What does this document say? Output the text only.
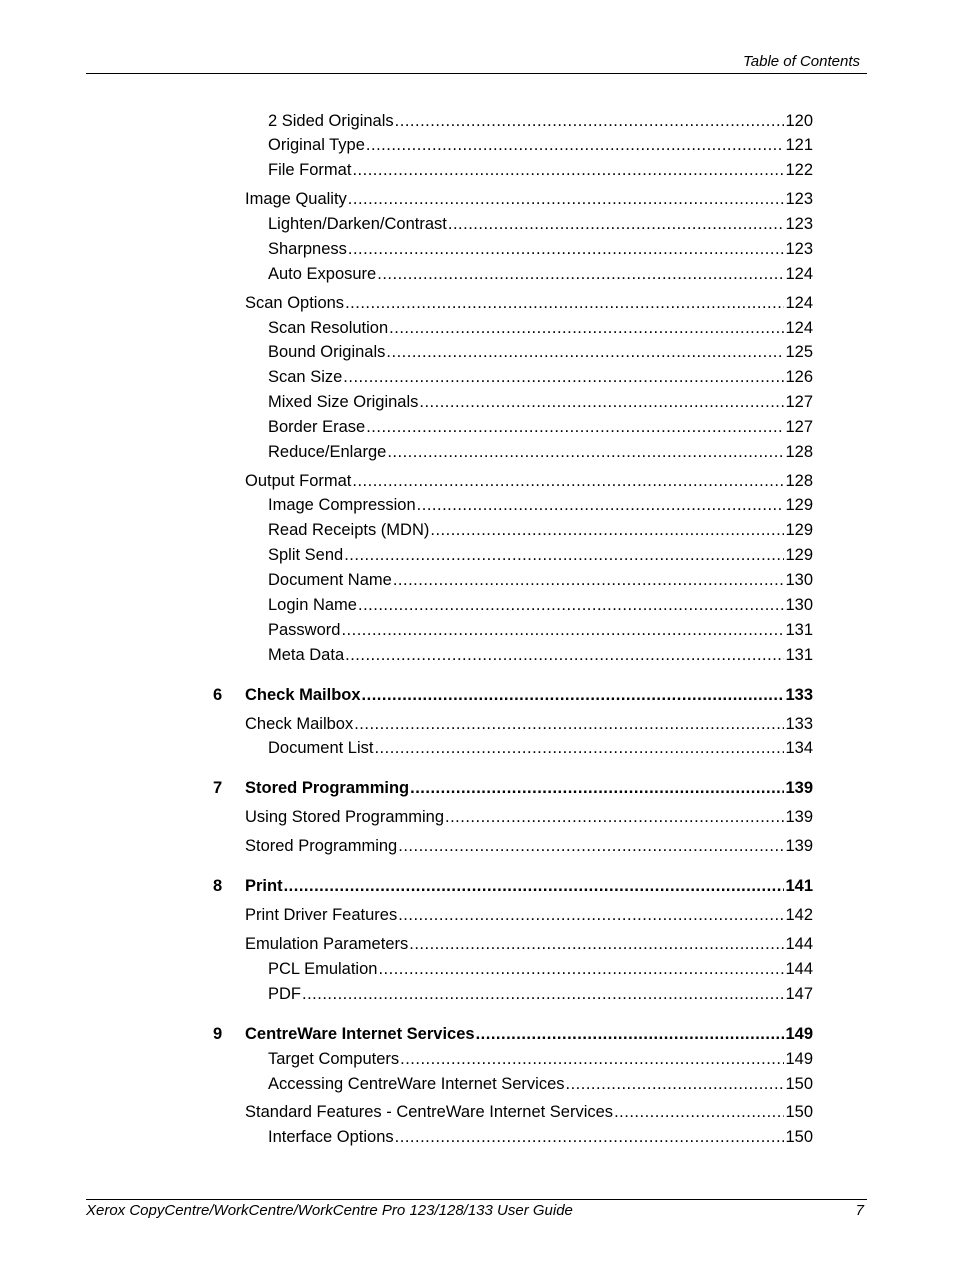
Table of Contents
2 Sided Originals .....	120
Original Type .....	121
File Format .....	122
Image Quality .....	123
Lighten/Darken/Contrast .....	123
Sharpness .....	123
Auto Exposure .....	124
Scan Options .....	124
Scan Resolution .....	124
Bound Originals .....	125
Scan Size .....	126
Mixed Size Originals .....	127
Border Erase .....	127
Reduce/Enlarge .....	128
Output Format .....	128
Image Compression .....	129
Read Receipts (MDN) .....	129
Split Send .....	129
Document Name .....	130
Login Name .....	130
Password .....	131
Meta Data .....	131
6 Check Mailbox .....	133
Check Mailbox .....	133
Document List .....	134
7 Stored Programming .....	139
Using Stored Programming .....	139
Stored Programming .....	139
8 Print .....	141
Print Driver Features .....	142
Emulation Parameters .....	144
PCL Emulation .....	144
PDF .....	147
9 CentreWare Internet Services .....	149
Target Computers .....	149
Accessing CentreWare Internet Services .....	150
Standard Features - CentreWare Internet Services .....	150
Interface Options .....	150
Xerox CopyCentre/WorkCentre/WorkCentre Pro 123/128/133 User Guide	7
